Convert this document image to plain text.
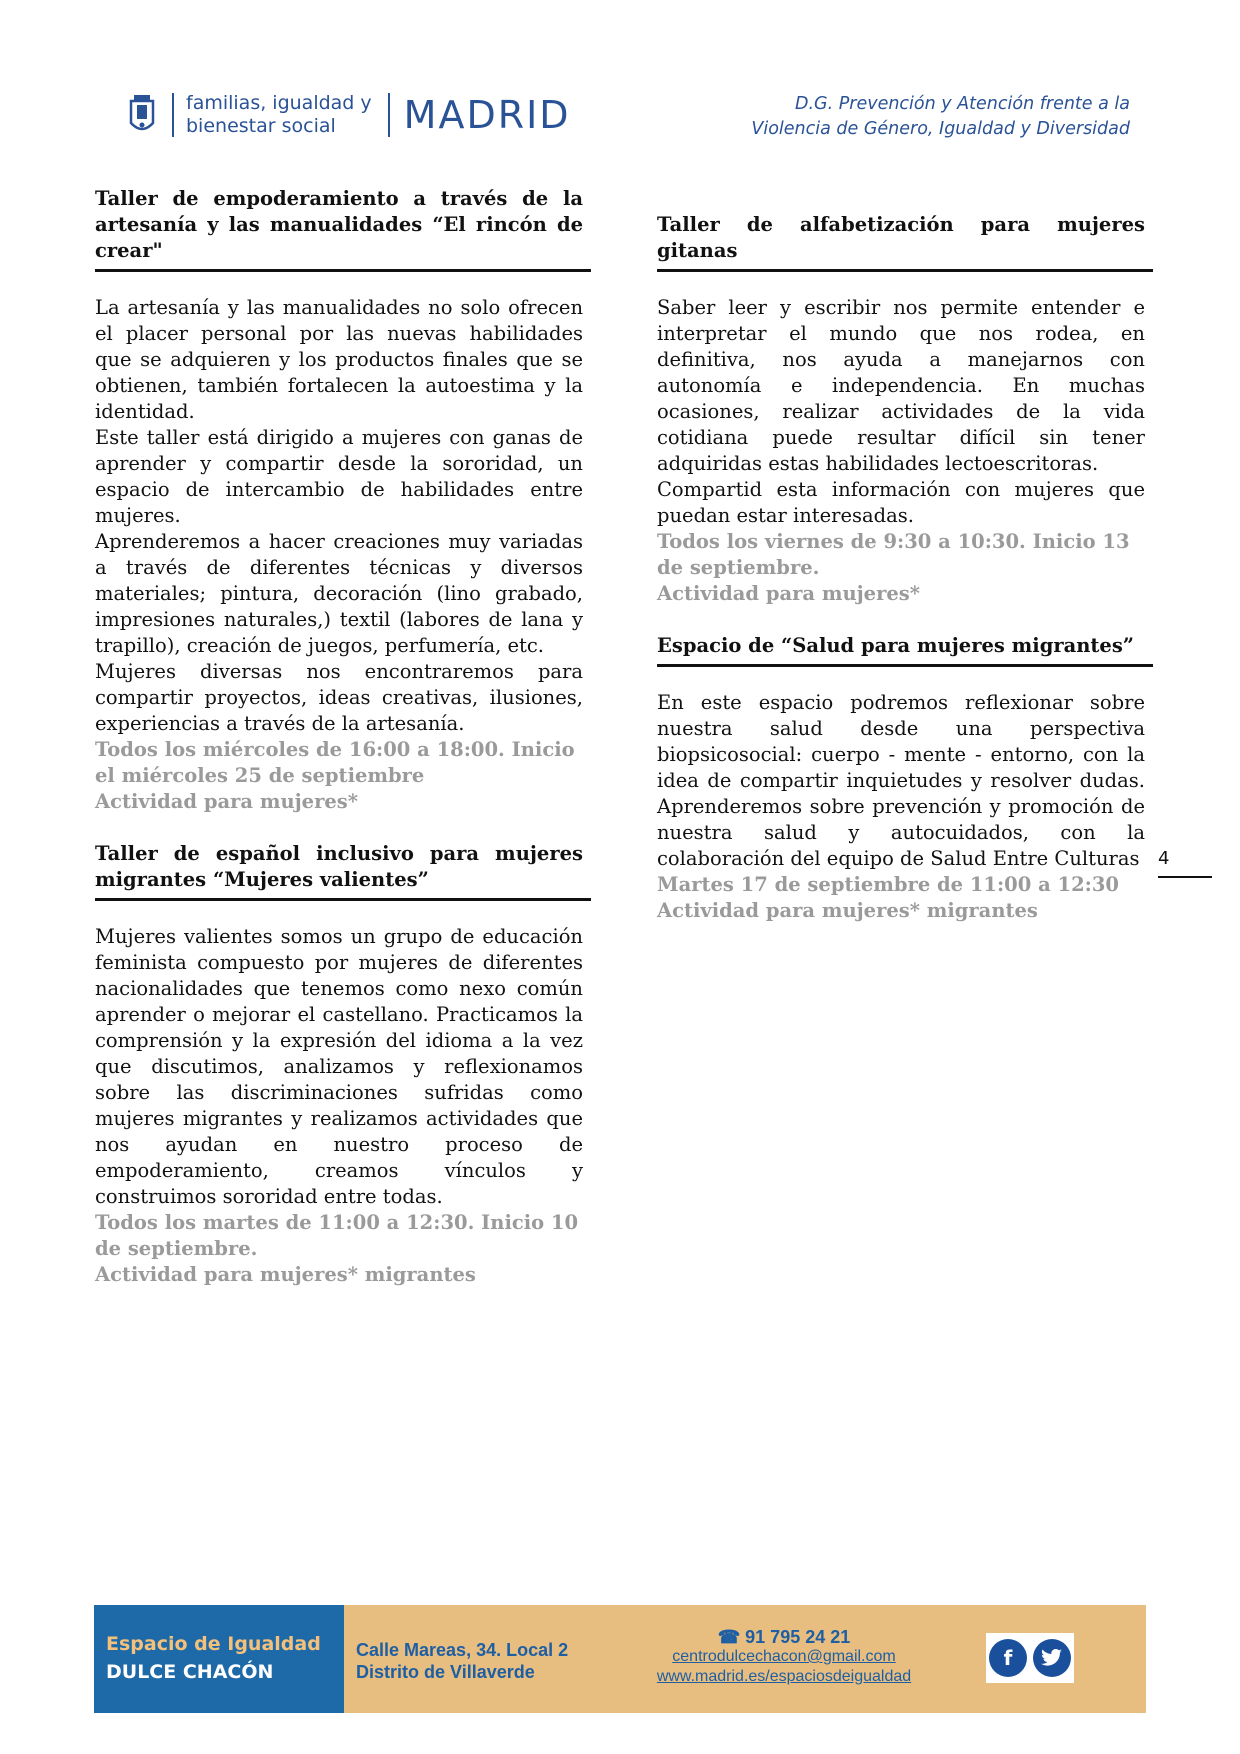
familias, igualdad y
bienestar social	MADRID	D.G. Prevención y Atención frente a la
Violencia de Género, Igualdad y Diversidad
Taller de empoderamiento a través de la artesanía y las manualidades “El rincón de crear"

La artesanía y las manualidades no solo ofrecen el placer personal por las nuevas habilidades que se adquieren y los productos finales que se obtienen, también fortalecen la autoestima y la identidad.

Este taller está dirigido a mujeres con ganas de aprender y compartir desde la sororidad, un espacio de intercambio de habilidades entre mujeres.

Aprenderemos a hacer creaciones muy variadas a través de diferentes técnicas y diversos materiales; pintura, decoración (lino grabado, impresiones naturales,) textil (labores de lana y trapillo), creación de juegos, perfumería, etc.

Mujeres diversas nos encontraremos para compartir proyectos, ideas creativas, ilusiones, experiencias a través de la artesanía.

Todos los miércoles de 16:00 a 18:00. Inicio el miércoles 25 de septiembre

Actividad para mujeres*

Taller de español inclusivo para mujeres migrantes “Mujeres valientes”

Mujeres valientes somos un grupo de educación feminista compuesto por mujeres de diferentes nacionalidades que tenemos como nexo común aprender o mejorar el castellano. Practicamos la comprensión y la expresión del idioma a la vez que discutimos, analizamos y reflexionamos sobre las discriminaciones sufridas como mujeres migrantes y realizamos actividades que nos ayudan en nuestro proceso de empoderamiento, creamos vínculos y construimos sororidad entre todas.

Todos los martes de 11:00 a 12:30. Inicio 10 de septiembre.

Actividad para mujeres* migrantes

Taller de alfabetización para mujeres gitanas

Saber leer y escribir nos permite entender e interpretar el mundo que nos rodea, en definitiva, nos ayuda a manejarnos con autonomía e independencia. En muchas ocasiones, realizar actividades de la vida cotidiana puede resultar difícil sin tener adquiridas estas habilidades lectoescritoras.

Compartid esta información con mujeres que puedan estar interesadas.

Todos los viernes de 9:30 a 10:30. Inicio 13 de septiembre.

Actividad para mujeres*

Espacio de “Salud para mujeres migrantes”

En este espacio podremos reflexionar sobre nuestra salud desde una perspectiva biopsicosocial: cuerpo - mente - entorno, con la idea de compartir inquietudes y resolver dudas. Aprenderemos sobre prevención y promoción de nuestra salud y autocuidados, con la colaboración del equipo de Salud Entre Culturas

Martes 17 de septiembre de 11:00 a 12:30

Actividad para mujeres* migrantes

4
Espacio de Igualdad
DULCE CHACÓN
Calle Mareas, 34. Local 2
Distrito de Villaverde
☎ 91 795 24 21
centrodulcechacon@gmail.com
www.madrid.es/espaciosdeigualdad
f
